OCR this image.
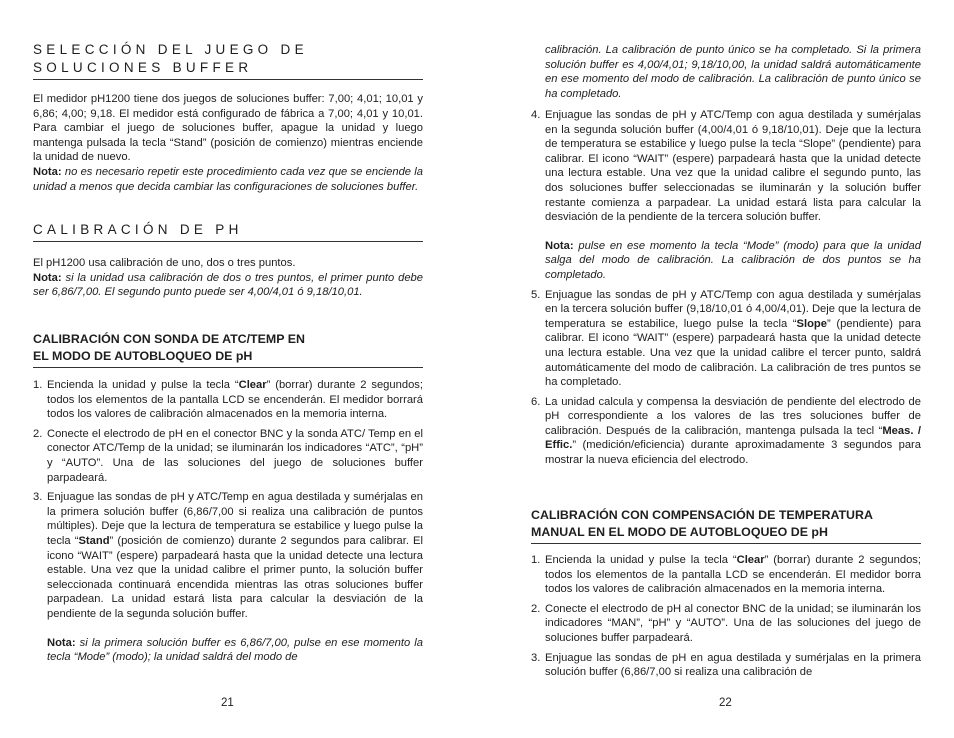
SELECCIÓN DEL JUEGO DE SOLUCIONES BUFFER
El medidor pH1200 tiene dos juegos de soluciones buffer: 7,00; 4,01; 10,01 y 6,86; 4,00; 9,18. El medidor está configurado de fábrica a 7,00; 4,01 y 10,01. Para cambiar el juego de soluciones buffer, apague la unidad y luego mantenga pulsada la tecla “Stand” (posición de comienzo) mientras enciende la unidad de nuevo.
Nota: no es necesario repetir este procedimiento cada vez que se enciende la unidad a menos que decida cambiar las configuraciones de soluciones buffer.
CALIBRACIÓN DE PH
El pH1200 usa calibración de uno, dos o tres puntos.
Nota: si la unidad usa calibración de dos o tres puntos, el primer punto debe ser 6,86/7,00. El segundo punto puede ser 4,00/4,01 ó 9,18/10,01.
CALIBRACIÓN CON SONDA DE ATC/TEMP EN
EL MODO DE AUTOBLOQUEO DE pH
1. Encienda la unidad y pulse la tecla “Clear” (borrar) durante 2 segundos; todos los elementos de la pantalla LCD se encenderán. El medidor borrará todos los valores de calibración almacenados en la memoria interna.
2. Conecte el electrodo de pH en el conector BNC y la sonda ATC/ Temp en el conector ATC/Temp de la unidad; se iluminarán los indicadores “ATC”, “pH” y “AUTO”. Una de las soluciones del juego de soluciones buffer parpadeará.
3. Enjuague las sondas de pH y ATC/Temp en agua destilada y sumérjalas en la primera solución buffer (6,86/7,00 si realiza una calibración de puntos múltiples). Deje que la lectura de temperatura se estabilice y luego pulse la tecla “Stand” (posición de comienzo) durante 2 segundos para calibrar. El icono “WAIT” (espere) parpadeará hasta que la unidad detecte una lectura estable. Una vez que la unidad calibre el primer punto, la solución buffer seleccionada continuará encendida mientras las otras soluciones buffer parpadean. La unidad estará lista para calcular la desviación de la pendiente de la segunda solución buffer.
Nota: si la primera solución buffer es 6,86/7,00, pulse en ese momento la tecla “Mode” (modo); la unidad saldrá del modo de
21
calibración. La calibración de punto único se ha completado. Si la primera solución buffer es 4,00/4,01; 9,18/10,00, la unidad saldrá automáticamente en ese momento del modo de calibración. La calibración de punto único se ha completado.
4. Enjuague las sondas de pH y ATC/Temp con agua destilada y sumérjalas en la segunda solución buffer (4,00/4,01 ó 9,18/10,01). Deje que la lectura de temperatura se estabilice y luego pulse la tecla “Slope” (pendiente) para calibrar. El icono “WAIT” (espere) parpadeará hasta que la unidad detecte una lectura estable. Una vez que la unidad calibre el segundo punto, las dos soluciones buffer seleccionadas se iluminarán y la solución buffer restante comienza a parpadear. La unidad estará lista para calcular la desviación de la pendiente de la tercera solución buffer.
Nota: pulse en ese momento la tecla “Mode” (modo) para que la unidad salga del modo de calibración. La calibración de dos puntos se ha completado.
5. Enjuague las sondas de pH y ATC/Temp con agua destilada y sumérjalas en la tercera solución buffer (9,18/10,01 ó 4,00/4,01). Deje que la lectura de temperatura se estabilice, luego pulse la tecla “Slope” (pendiente) para calibrar. El icono “WAIT” (espere) parpadeará hasta que la unidad detecte una lectura estable. Una vez que la unidad calibre el tercer punto, saldrá automáticamente del modo de calibración. La calibración de tres puntos se ha completado.
6. La unidad calcula y compensa la desviación de pendiente del electrodo de pH correspondiente a los valores de las tres soluciones buffer de calibración. Después de la calibración, mantenga pulsada la tecl “Meas. / Effic.” (medición/eficiencia) durante aproximadamente 3 segundos para mostrar la nueva eficiencia del electrodo.
CALIBRACIÓN CON COMPENSACIÓN DE TEMPERATURA
MANUAL EN EL MODO DE AUTOBLOQUEO DE pH
1. Encienda la unidad y pulse la tecla “Clear” (borrar) durante 2 segundos; todos los elementos de la pantalla LCD se encenderán. El medidor borra todos los valores de calibración almacenados en la memoria interna.
2. Conecte el electrodo de pH al conector BNC de la unidad; se iluminarán los indicadores “MAN”, “pH” y “AUTO”. Una de las soluciones del juego de soluciones buffer parpadeará.
3. Enjuague las sondas de pH en agua destilada y sumérjalas en la primera solución buffer (6,86/7,00 si realiza una calibración de
22
